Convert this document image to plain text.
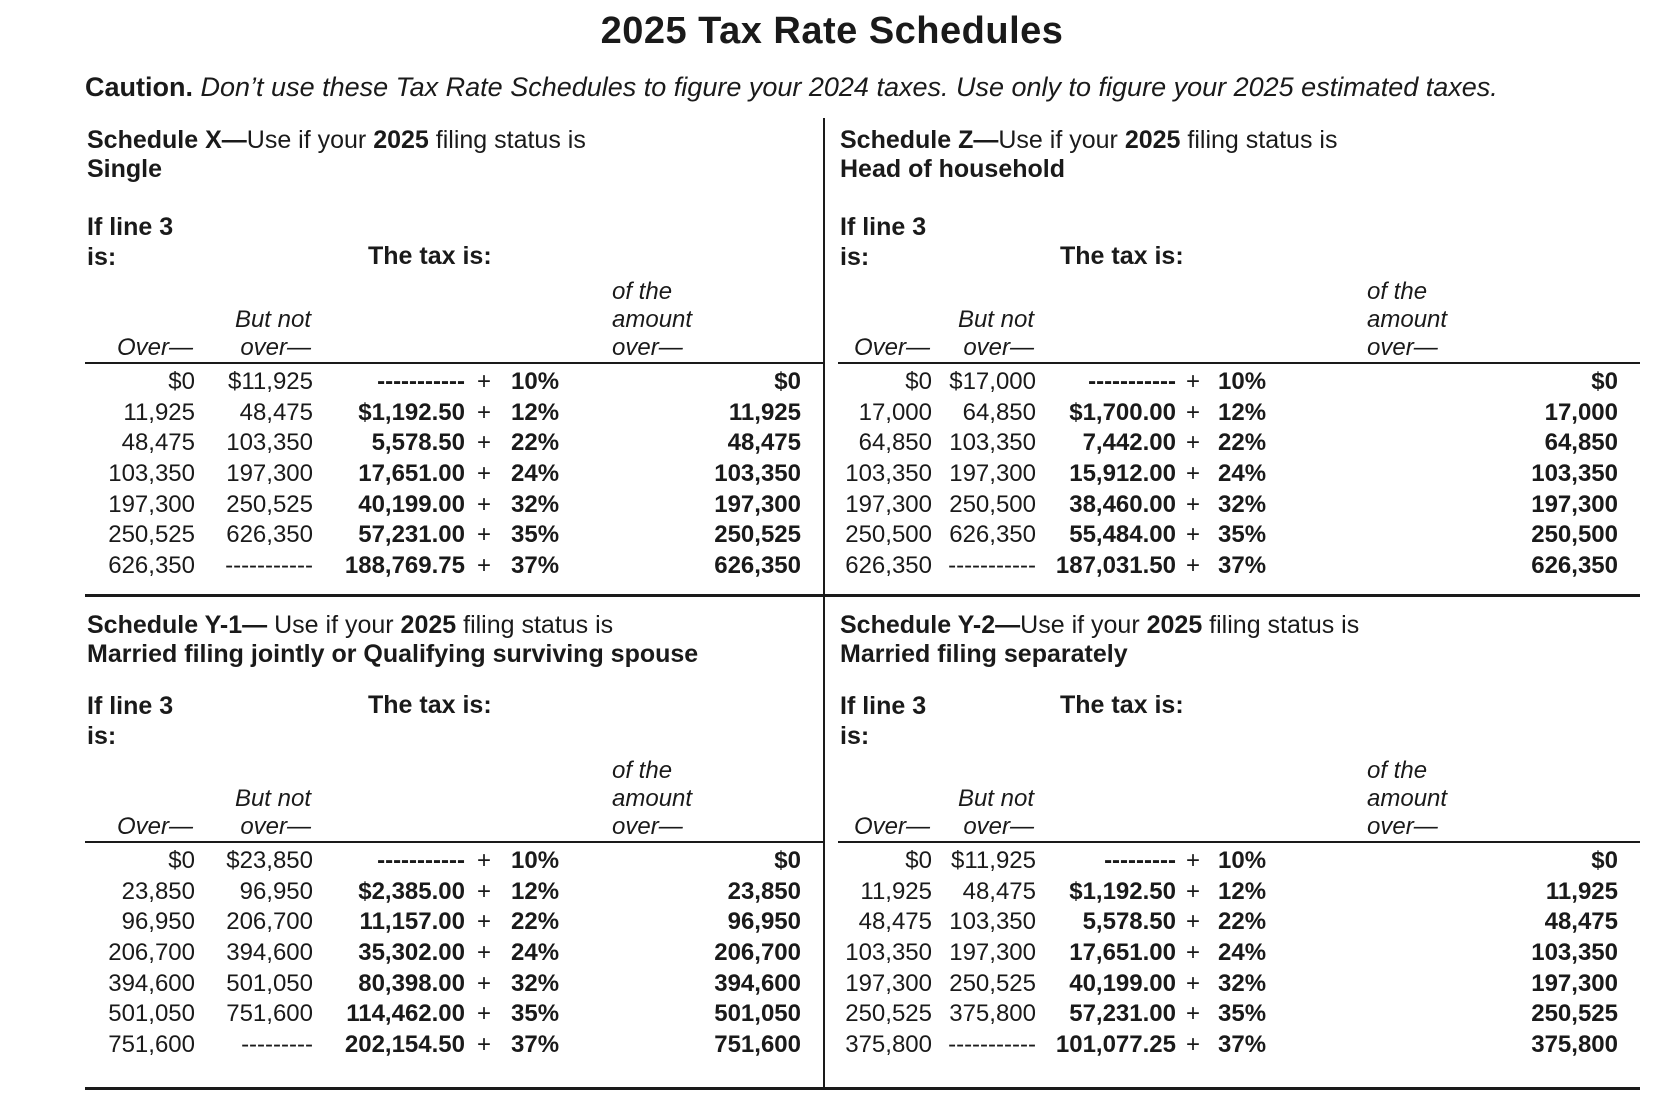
2025 Tax Rate Schedules
Caution. Don’t use these Tax Rate Schedules to figure your 2024 taxes. Use only to figure your 2025 estimated taxes.
Schedule X—Use if your 2025 filing status is
Single
If line 3
is:	The tax is:
of the
But not	amount
Over—	over—	over—
$0	$11,925	----------- + 10%	$0
11,925	48,475	$1,192.50 + 12%	11,925
48,475	103,350	5,578.50 + 22%	48,475
103,350	197,300	17,651.00 + 24%	103,350
197,300	250,525	40,199.00 + 32%	197,300
250,525	626,350	57,231.00 + 35%	250,525
626,350	-----------	188,769.75 + 37%	626,350
Schedule Z—Use if your 2025 filing status is
Head of household
If line 3
is:	The tax is:
of the
But not	amount
Over—	over—	over—
$0 $17,000	----------- + 10%	$0
17,000	64,850	$1,700.00 + 12%	17,000
64,850 103,350	7,442.00 + 22%	64,850
103,350 197,300	15,912.00 + 24%	103,350
197,300 250,500	38,460.00 + 32%	197,300
250,500 626,350	55,484.00 + 35%	250,500
626,350 ----------- 187,031.50 + 37%	626,350
Schedule Y-1— Use if your 2025 filing status is
Married filing jointly or Qualifying surviving spouse
If line 3
is:
The tax is:
of the
But not	amount
Over—	over—	over—
$0	$23,850	----------- + 10%	$0
23,850	96,950	$2,385.00 + 12%	23,850
96,950	206,700	11,157.00 + 22%	96,950
206,700	394,600	35,302.00 + 24%	206,700
394,600	501,050	80,398.00 + 32%	394,600
501,050	751,600	114,462.00 + 35%	501,050
751,600	---------	202,154.50 + 37%	751,600
Schedule Y-2—Use if your 2025 filing status is
Married filing separately
If line 3
is:
The tax is:
of the
But not	amount
Over—	over—	over—
$0 $11,925	--------- + 10%	$0
11,925	48,475	$1,192.50 + 12%	11,925
48,475 103,350	5,578.50 + 22%	48,475
103,350 197,300	17,651.00 + 24%	103,350
197,300 250,525	40,199.00 + 32%	197,300
250,525 375,800	57,231.00 + 35%	250,525
375,800 ----------- 101,077.25 + 37%	375,800
